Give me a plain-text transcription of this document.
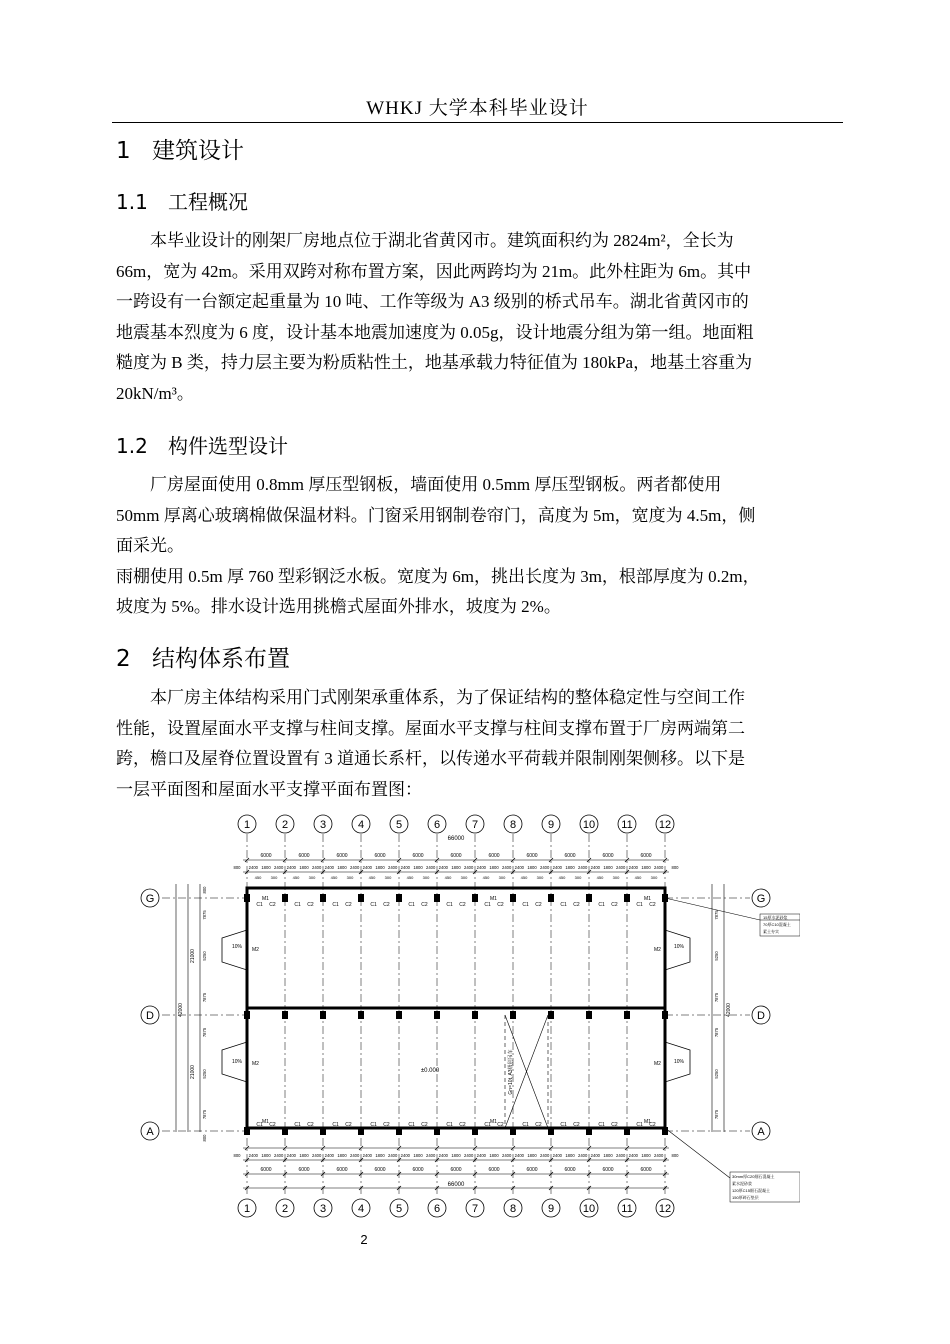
WHKJ 大学本科毕业设计
1 建筑设计
1.1 工程概况
本毕业设计的刚架厂房地点位于湖北省黄冈市。建筑面积约为 2824m²，全长为
66m，宽为 42m。采用双跨对称布置方案，因此两跨均为 21m。此外柱距为 6m。其中
一跨设有一台额定起重量为 10 吨、工作等级为 A3 级别的桥式吊车。湖北省黄冈市的
地震基本烈度为 6 度，设计基本地震加速度为 0.05g，设计地震分组为第一组。地面粗
糙度为 B 类，持力层主要为粉质粘性土，地基承载力特征值为 180kPa，地基土容重为
20kN/m³。
1.2 构件选型设计
厂房屋面使用 0.8mm 厚压型钢板，墙面使用 0.5mm 厚压型钢板。两者都使用
50mm 厚离心玻璃棉做保温材料。门窗采用钢制卷帘门，高度为 5m，宽度为 4.5m，侧
面采光。
雨棚使用 0.5m 厚 760 型彩钢泛水板。宽度为 6m，挑出长度为 3m，根部厚度为 0.2m，
坡度为 5%。排水设计选用挑檐式屋面外排水，坡度为 2%。
2 结构体系布置
本厂房主体结构采用门式刚架承重体系，为了保证结构的整体稳定性与空间工作
性能，设置屋面水平支撑与柱间支撑。屋面水平支撑与柱间支撑布置于厂房两端第二
跨，檐口及屋脊位置设置有 3 道通长系杆，以传递水平荷载并限制刚架侧移。以下是
一层平面图和屋面水平支撑平面布置图：
1
1
6000
6000
2400
2400
1800
1800
2400
2400
C1 C2
C1 C2
450 300
2
2
6000
6000
2400
2400
1800
1800
2400
2400
C1 C2
C1 C2
450 300
3
3
6000
6000
2400
2400
1800
1800
2400
2400
C1 C2
C1 C2
450 300
4
4
6000
6000
2400
2400
1800
1800
2400
2400
C1 C2
C1 C2
450 300
5
5
6000
6000
2400
2400
1800
1800
2400
2400
C1 C2
C1 C2
450 300
6
6
6000
6000
2400
2400
1800
1800
2400
2400
C1 C2
C1 C2
450 300
7
7
6000
6000
2400
2400
1800
1800
2400
2400
C1 C2
C1 C2
450 300
8
8
6000
6000
2400
2400
1800
1800
2400
2400
C1 C2
C1 C2
450 300
9
9
6000
6000
2400
2400
1800
1800
2400
2400
C1 C2
C1 C2
450 300
10
10
6000
6000
2400
2400
1800
1800
2400
2400
C1 C2
C1 C2
450 300
11
11
6000
6000
2400
2400
1800
1800
2400
2400
C1 C2
C1 C2
450 300
12
12
800	800
800	800
G	G
D	D
A	A
7875	7875
5250	5250
7875	7875
7875	7875
5250	5250
7875	7875
800
800
66000
66000
±0.000	Gn=10t, A3级别吊车
42000	42000
21000
21000
15厚水泥砂浆
70厚C10混凝土
素土夯实
30mm厚C20细石混凝土
素水泥砂浆
120厚C15细石混凝土
150厚碎石垫层
10%
10%
10%
10%
M2
M2
M2
M2
M1	M1	M1
M1	M1	M1
2
